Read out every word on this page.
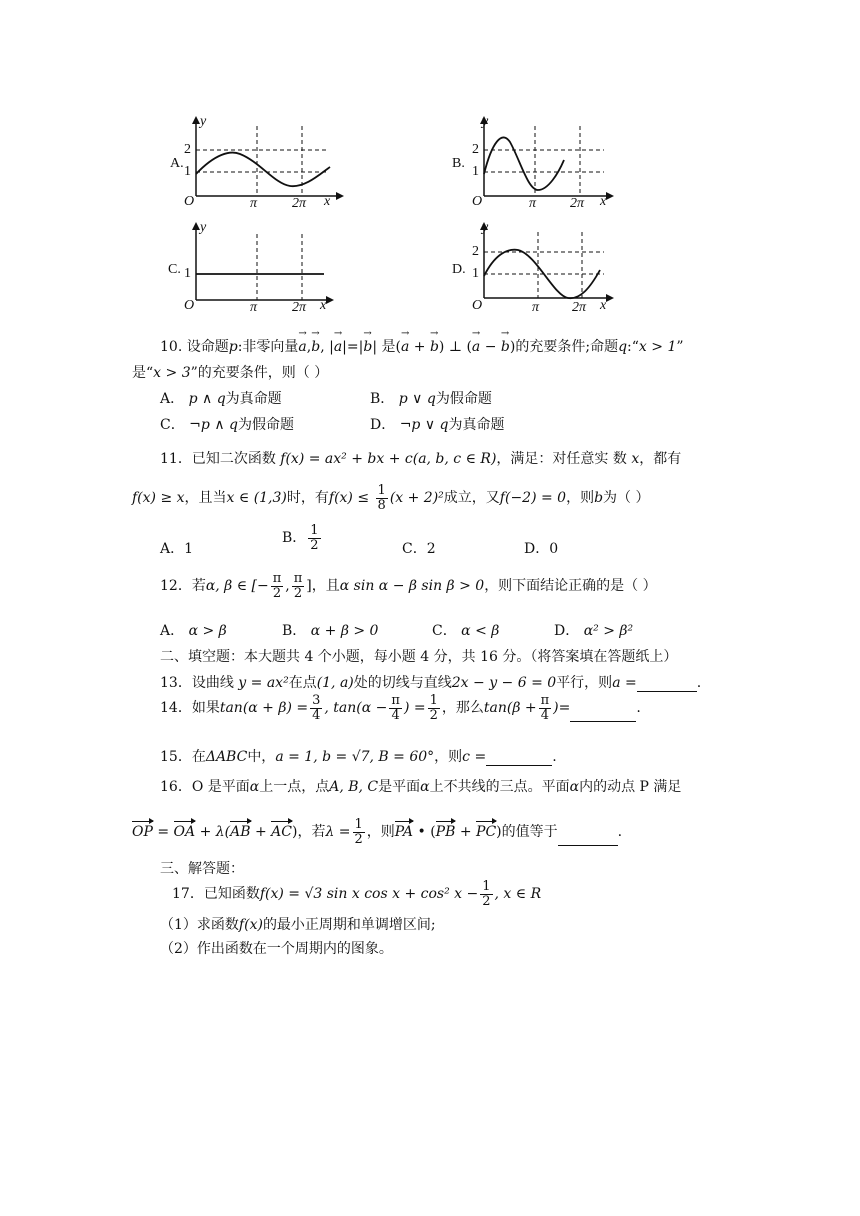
A.
y
2
1
O	π 2π x
B.
y
2
1
O	π 2π x
C.
y
1
O	π 2π x
D.
y
2
1
O	π 2π x
10. 设命题p:非零向量→ a,→ b, |→ a|=|→ b| 是(→ a + → b) ⊥ (→ a − → b)的充要条件;命题q:“x > 1”
是“x > 3”的充要条件，则（ ）
A． p ∧ q为真命题	B． p ∨ q为假命题
C． ¬p ∧ q为假命题	D． ¬p ∨ q为真命题
11．已知二次函数 f(x) = ax² + bx + c(a, b, c ∈ R)，满足：对任意实 数 x，都有
f(x) ≥ x，且当x ∈ (1,3)时，有$f(x) \le \frac{1}{8} (x + 2)^2$成立，又f(−2) = 0，则b为（ ）
A．1
B． $\frac{1}{2}$	C．2	D．0
12．若α, β ∈ [− $\frac{\pi}{2}$ , $\frac{\pi}{2}$ ]，且α sin α − β sin β > 0，则下面结论正确的是（ ）
A． α > β	B． α + β > 0	C． α < β	D． α² > β²
二、填空题：本大题共 4 个小题，每小题 4 分，共 16 分。（将答案填在答题纸上）
13．设曲线 y = ax²在点(1, a)处的切线与直线2x − y − 6 = 0平行，则a =	.
14．如果$\tan(\alpha + \beta) = \frac{3}{4}$ , $\tan(\alpha - \frac{\pi}{4}$ ) = $\frac{1}{2}$ ，那么$\tan(\beta + \frac{\pi}{4}$ )=	.
15．在ΔABC中，a = 1, b = √7, B = 60°，则c =	.
16．O 是平面α上一点，点A, B, C是平面α上不共线的三点。平面α内的动点 P 满足
OP = OA + λ(AB + AC)，若$\lambda = \frac{1}{2}$ ，则PA • (PB + PC)的值等于	.
三、解答题：
17．已知函数f(x) = √3 sin x cos x + cos² $x - \frac{1}{2}$ , x ∈ R
（1）求函数f(x)的最小正周期和单调增区间;
（2）作出函数在一个周期内的图象。
